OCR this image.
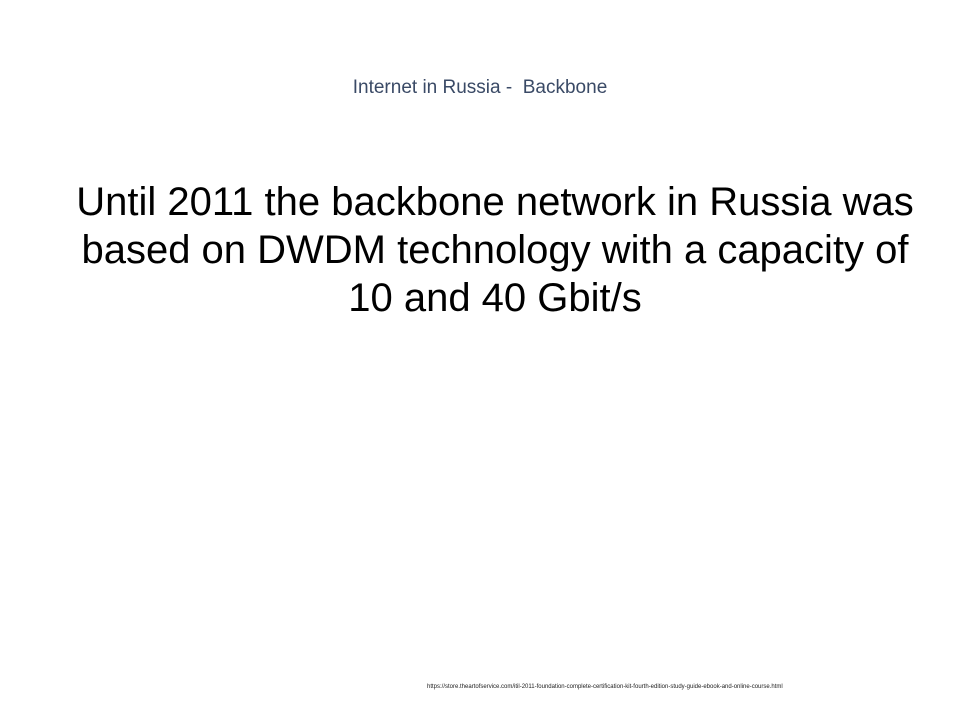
Internet in Russia -  Backbone
Until 2011 the backbone network in Russia was based on DWDM technology with a capacity of 10 and 40 Gbit/s
https://store.theartofservice.com/itil-2011-foundation-complete-certification-kit-fourth-edition-study-guide-ebook-and-online-course.html
